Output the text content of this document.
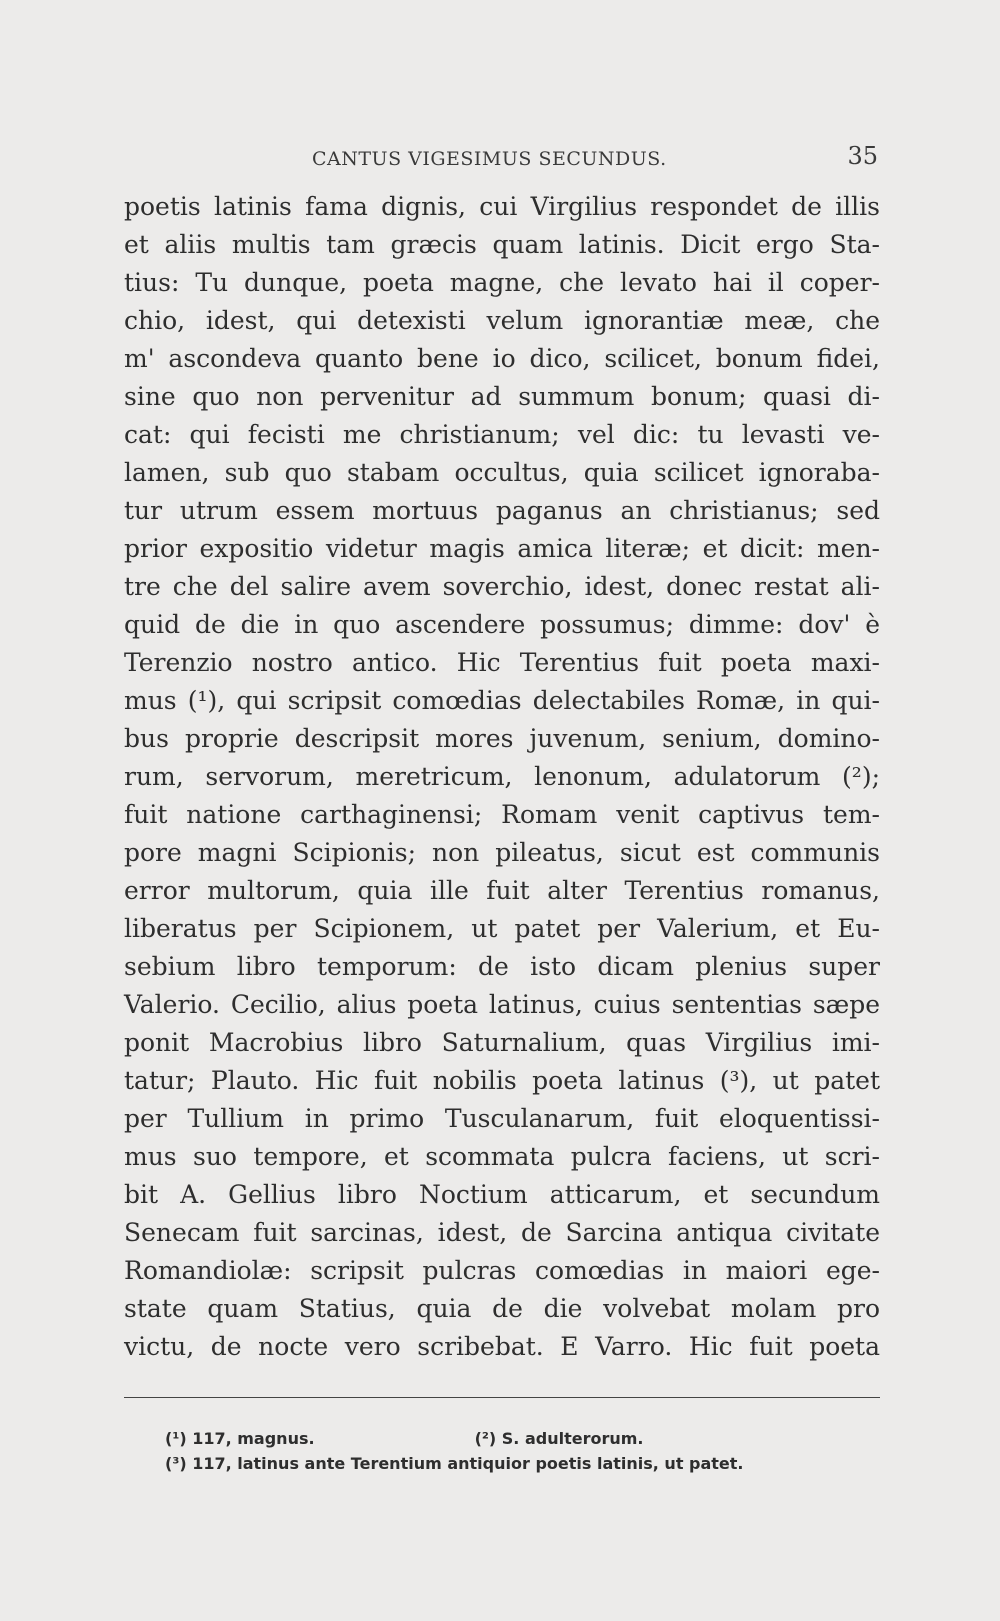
CANTUS VIGESIMUS SECUNDUS.	35
poetis latinis fama dignis, cui Virgilius respondet de illis
et aliis multis tam græcis quam latinis. Dicit ergo Sta-
tius: Tu dunque, poeta magne, che levato hai il coper-
chio, idest, qui detexisti velum ignorantiæ meæ, che
m' ascondeva quanto bene io dico, scilicet, bonum fidei,
sine quo non pervenitur ad summum bonum; quasi di-
cat: qui fecisti me christianum; vel dic: tu levasti ve-
lamen, sub quo stabam occultus, quia scilicet ignoraba-
tur utrum essem mortuus paganus an christianus; sed
prior expositio videtur magis amica literæ; et dicit: men-
tre che del salire avem soverchio, idest, donec restat ali-
quid de die in quo ascendere possumus; dimme: dov' è
Terenzio nostro antico. Hic Terentius fuit poeta maxi-
mus (¹), qui scripsit comœdias delectabiles Romæ, in qui-
bus proprie descripsit mores juvenum, senium, domino-
rum, servorum, meretricum, lenonum, adulatorum (²);
fuit natione carthaginensi; Romam venit captivus tem-
pore magni Scipionis; non pileatus, sicut est communis
error multorum, quia ille fuit alter Terentius romanus,
liberatus per Scipionem, ut patet per Valerium, et Eu-
sebium libro temporum: de isto dicam plenius super
Valerio. Cecilio, alius poeta latinus, cuius sententias sæpe
ponit Macrobius libro Saturnalium, quas Virgilius imi-
tatur; Plauto. Hic fuit nobilis poeta latinus (³), ut patet
per Tullium in primo Tusculanarum, fuit eloquentissi-
mus suo tempore, et scommata pulcra faciens, ut scri-
bit A. Gellius libro Noctium atticarum, et secundum
Senecam fuit sarcinas, idest, de Sarcina antiqua civitate
Romandiolæ: scripsit pulcras comœdias in maiori ege-
state quam Statius, quia de die volvebat molam pro
victu, de nocte vero scribebat. E Varro. Hic fuit poeta
(¹) 117, magnus.	(²) S. adulterorum.
(³) 117, latinus ante Terentium antiquior poetis latinis, ut patet.
